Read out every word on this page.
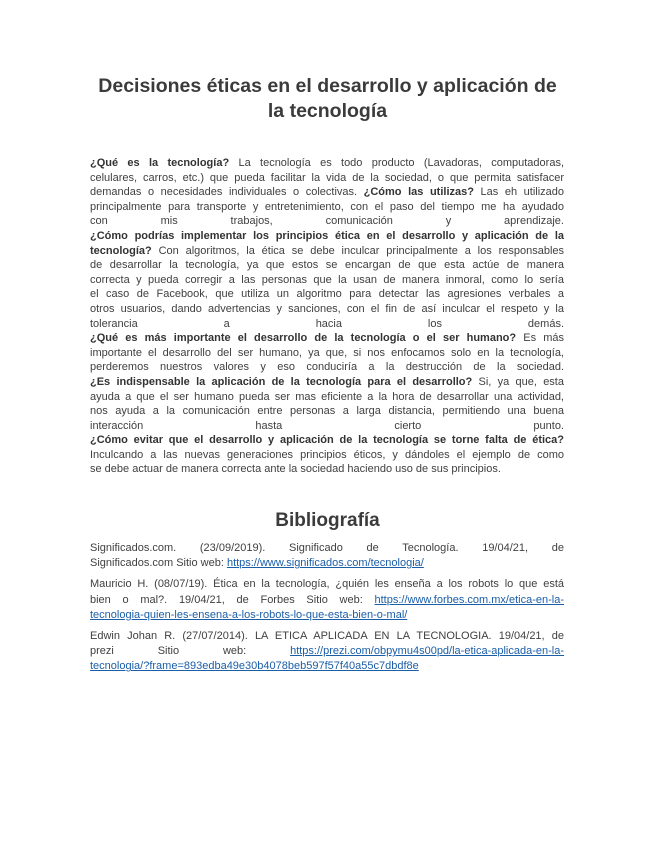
Decisiones éticas en el desarrollo y aplicación de
la tecnología
¿Qué es la tecnología? La tecnología es todo producto (Lavadoras, computadoras,
celulares, carros, etc.) que pueda facilitar la vida de la sociedad, o que permita satisfacer
demandas o necesidades individuales o colectivas. ¿Cómo las utilizas? Las eh utilizado
principalmente para transporte y entretenimiento, con el paso del tiempo me ha ayudado
con mis trabajos, comunicación y aprendizaje.
¿Cómo podrías implementar los principios ética en el desarrollo y aplicación de la
tecnología? Con algoritmos, la ética se debe inculcar principalmente a los responsables
de desarrollar la tecnología, ya que estos se encargan de que esta actúe de manera
correcta y pueda corregir a las personas que la usan de manera inmoral, como lo sería
el caso de Facebook, que utiliza un algoritmo para detectar las agresiones verbales a
otros usuarios, dando advertencias y sanciones, con el fin de así inculcar el respeto y la
tolerancia a hacia los demás.
¿Qué es más importante el desarrollo de la tecnología o el ser humano? Es más
importante el desarrollo del ser humano, ya que, si nos enfocamos solo en la tecnología,
perderemos nuestros valores y eso conduciría a la destrucción de la sociedad.
¿Es indispensable la aplicación de la tecnología para el desarrollo? Si, ya que, esta
ayuda a que el ser humano pueda ser mas eficiente a la hora de desarrollar una actividad,
nos ayuda a la comunicación entre personas a larga distancia, permitiendo una buena
interacción hasta cierto punto.
¿Cómo evitar que el desarrollo y aplicación de la tecnología se torne falta de ética?
Inculcando a las nuevas generaciones principios éticos, y dándoles el ejemplo de como
se debe actuar de manera correcta ante la sociedad haciendo uso de sus principios.
Bibliografía
Significados.com. (23/09/2019). Significado de Tecnología. 19/04/21, de
Significados.com Sitio web: https://www.significados.com/tecnologia/
Mauricio H. (08/07/19). Ética en la tecnología, ¿quién les enseña a los robots lo que está
bien o mal?. 19/04/21, de Forbes Sitio web: https://www.forbes.com.mx/etica-en-la-
tecnologia-quien-les-ensena-a-los-robots-lo-que-esta-bien-o-mal/
Edwin Johan R. (27/07/2014). LA ETICA APLICADA EN LA TECNOLOGIA. 19/04/21, de
prezi Sitio web: https://prezi.com/obpymu4s00pd/la-etica-aplicada-en-la-
tecnologia/?frame=893edba49e30b4078beb597f57f40a55c7dbdf8e
